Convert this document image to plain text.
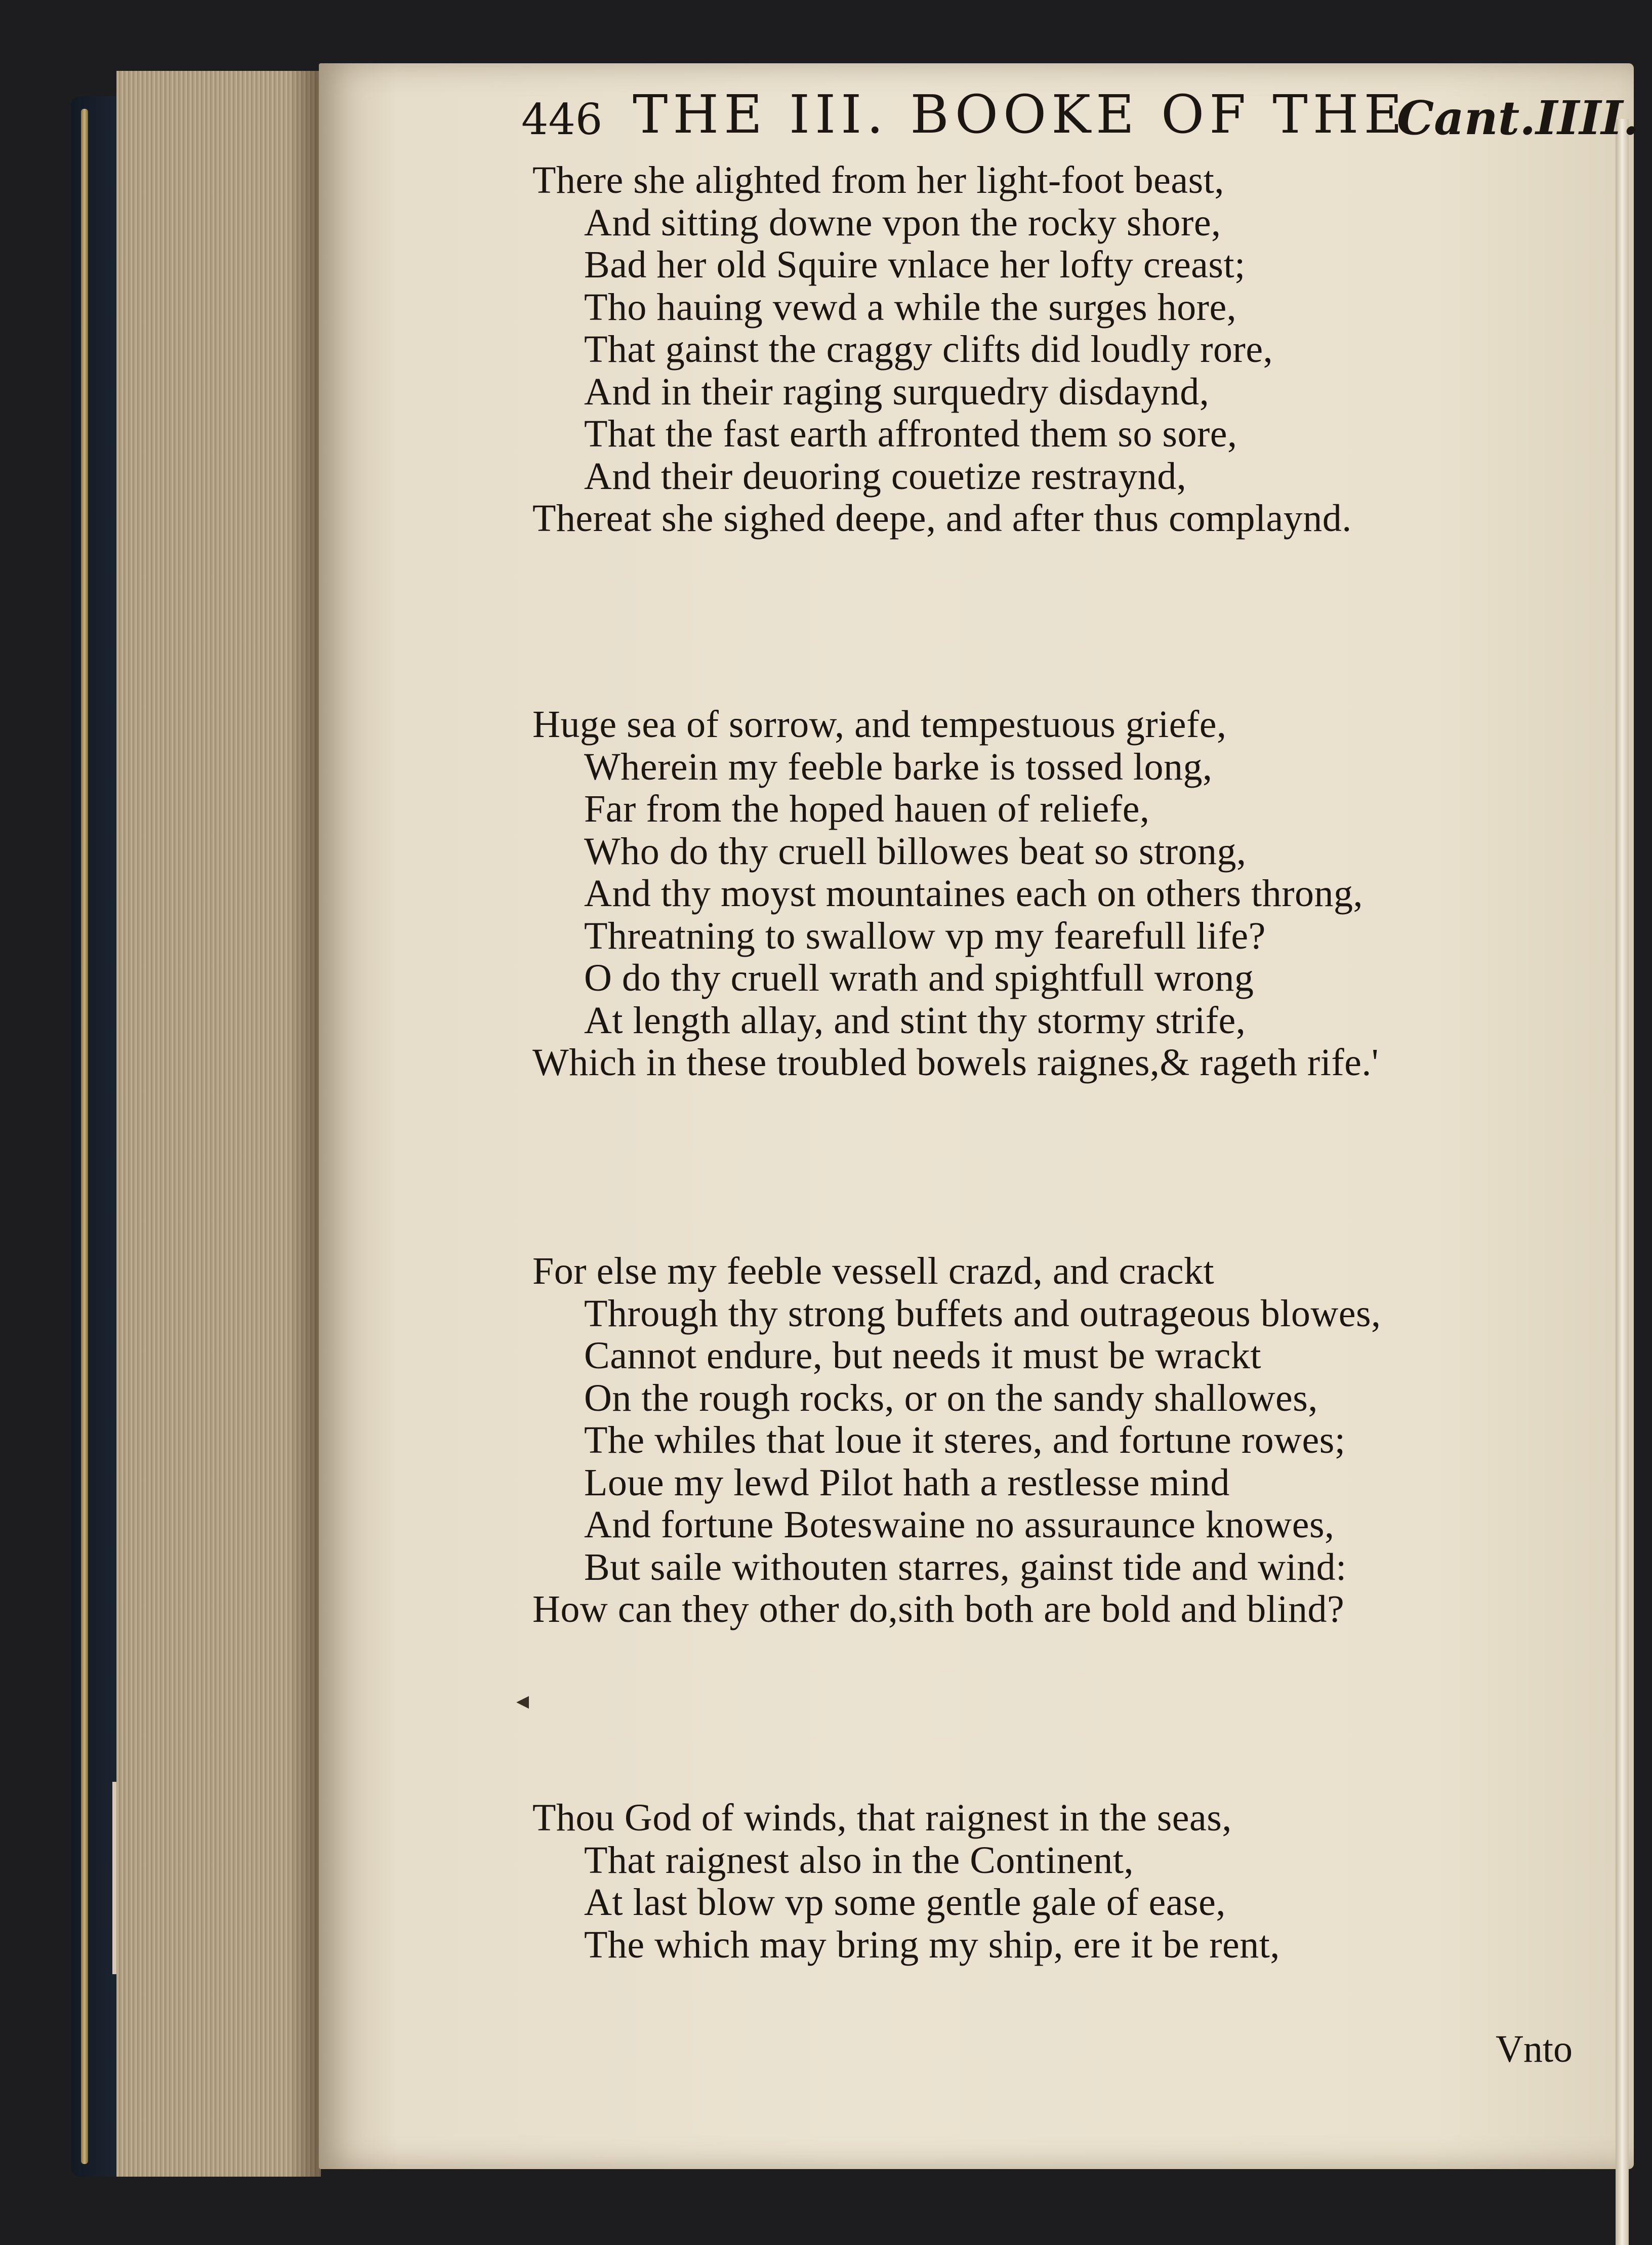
446 THE III. BOOKE OF THE
Cant.IIII.
There she alighted from her light-foot beast,
And sitting downe vpon the rocky shore,
Bad her old Squire vnlace her lofty creast;
Tho hauing vewd a while the surges hore,
That gainst the craggy clifts did loudly rore,
And in their raging surquedry disdaynd,
That the fast earth affronted them so sore,
And their deuoring couetize restraynd,
Thereat she sighed deepe, and after thus complaynd.
Huge sea of sorrow, and tempestuous griefe,
Wherein my feeble barke is tossed long,
Far from the hoped hauen of reliefe,
Who do thy cruell billowes beat so strong,
And thy moyst mountaines each on others throng,
Threatning to swallow vp my fearefull life?
O do thy cruell wrath and spightfull wrong
At length allay, and stint thy stormy strife,
Which in these troubled bowels raignes,& rageth rife.'
For else my feeble vessell crazd, and crackt
Through thy strong buffets and outrageous blowes,
Cannot endure, but needs it must be wrackt
On the rough rocks, or on the sandy shallowes,
The whiles that loue it steres, and fortune rowes;
Loue my lewd Pilot hath a restlesse mind
And fortune Boteswaine no assuraunce knowes,
But saile withouten starres, gainst tide and wind:
How can they other do,sith both are bold and blind?
Thou God of winds, that raignest in the seas,
That raignest also in the Continent,
At last blow vp some gentle gale of ease,
The which may bring my ship, ere it be rent,
Vnto
◂
